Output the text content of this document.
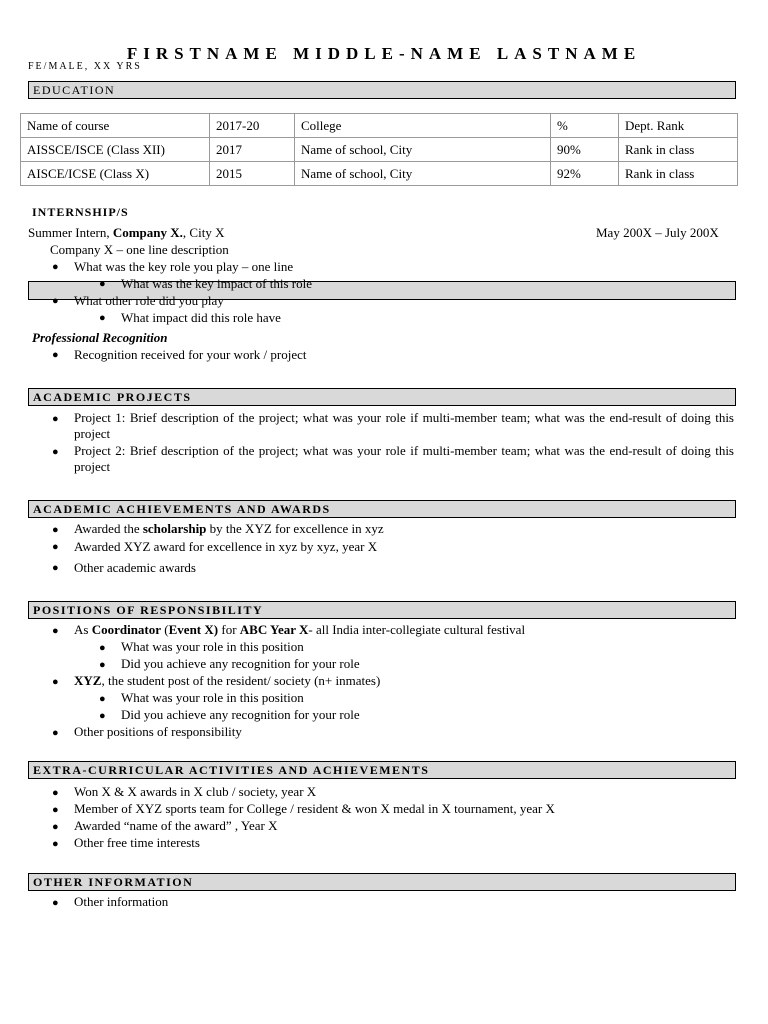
FIRSTNAME MIDDLE-NAME LASTNAME
FE/MALE, XX YRS
EDUCATION
Name of course	2017-20	College	%	Dept. Rank
AISSCE/ISCE (Class XII)	2017	Name of school, City	90%	Rank in class
AISCE/ICSE (Class X)	2015	Name of school, City	92%	Rank in class
INTERNSHIP/S
Summer Intern, Company X., City X	May 200X – July 200X
Company X – one line description
● What was the key role you play – one line
● What was the key impact of this role
● What other role did you play
● What impact did this role have
Professional Recognition
● Recognition received for your work / project
ACADEMIC PROJECTS
● Project 1: Brief description of the project; what was your role if multi-member team; what was the end-result of doing this project
● Project 2: Brief description of the project; what was your role if multi-member team; what was the end-result of doing this project
ACADEMIC ACHIEVEMENTS AND AWARDS
● Awarded the scholarship by the XYZ for excellence in xyz
● Awarded XYZ award for excellence in xyz by xyz, year X
● Other academic awards
POSITIONS OF RESPONSIBILITY
● As Coordinator (Event X) for ABC Year X- all India inter-collegiate cultural festival
● What was your role in this position
● Did you achieve any recognition for your role
● XYZ, the student post of the resident/ society (n+ inmates)
● What was your role in this position
● Did you achieve any recognition for your role
● Other positions of responsibility
EXTRA-CURRICULAR ACTIVITIES AND ACHIEVEMENTS
● Won X & X awards in X club / society, year X
● Member of XYZ sports team for College / resident & won X medal in X tournament, year X
● Awarded “name of the award” , Year X
● Other free time interests
OTHER INFORMATION
● Other information
